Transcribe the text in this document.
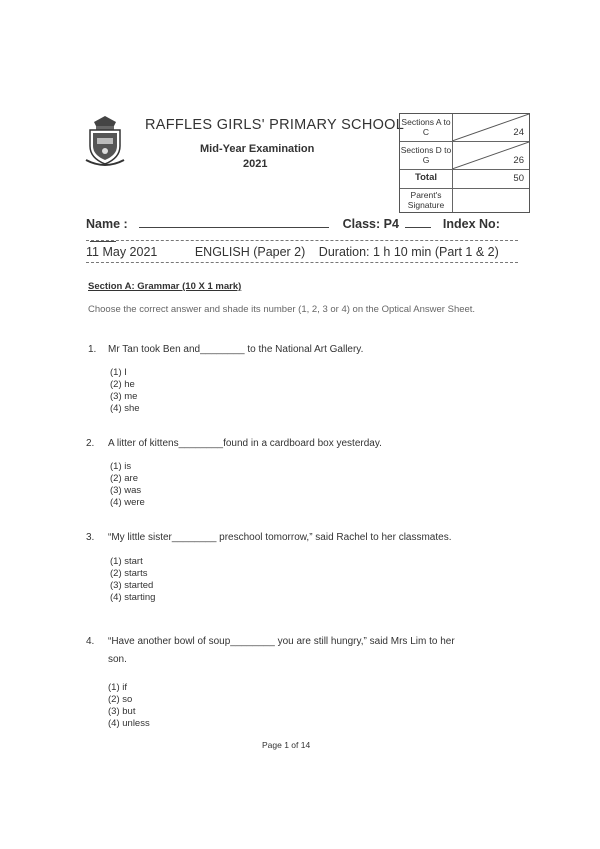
RAFFLES GIRLS' PRIMARY SCHOOL
Mid-Year Examination
2021
Sections A to C	24
Sections D to G	26
Total	50
Parent's Signature
Name :	Class: P4	Index No:
11 May 2021	ENGLISH (Paper 2) Duration: 1 h 10 min (Part 1 & 2)
Section A: Grammar (10 X 1 mark)
Choose the correct answer and shade its number (1, 2, 3 or 4) on the Optical Answer Sheet.
1. Mr Tan took Ben and________ to the National Art Gallery.
(1) I
(2) he
(3) me
(4) she
2. A litter of kittens________found in a cardboard box yesterday.
(1) is
(2) are
(3) was
(4) were
3. “My little sister________ preschool tomorrow,” said Rachel to her classmates.
(1) start
(2) starts
(3) started
(4) starting
4. “Have another bowl of soup________ you are still hungry,” said Mrs Lim to her
son.
(1) if
(2) so
(3) but
(4) unless
Page 1 of 14
